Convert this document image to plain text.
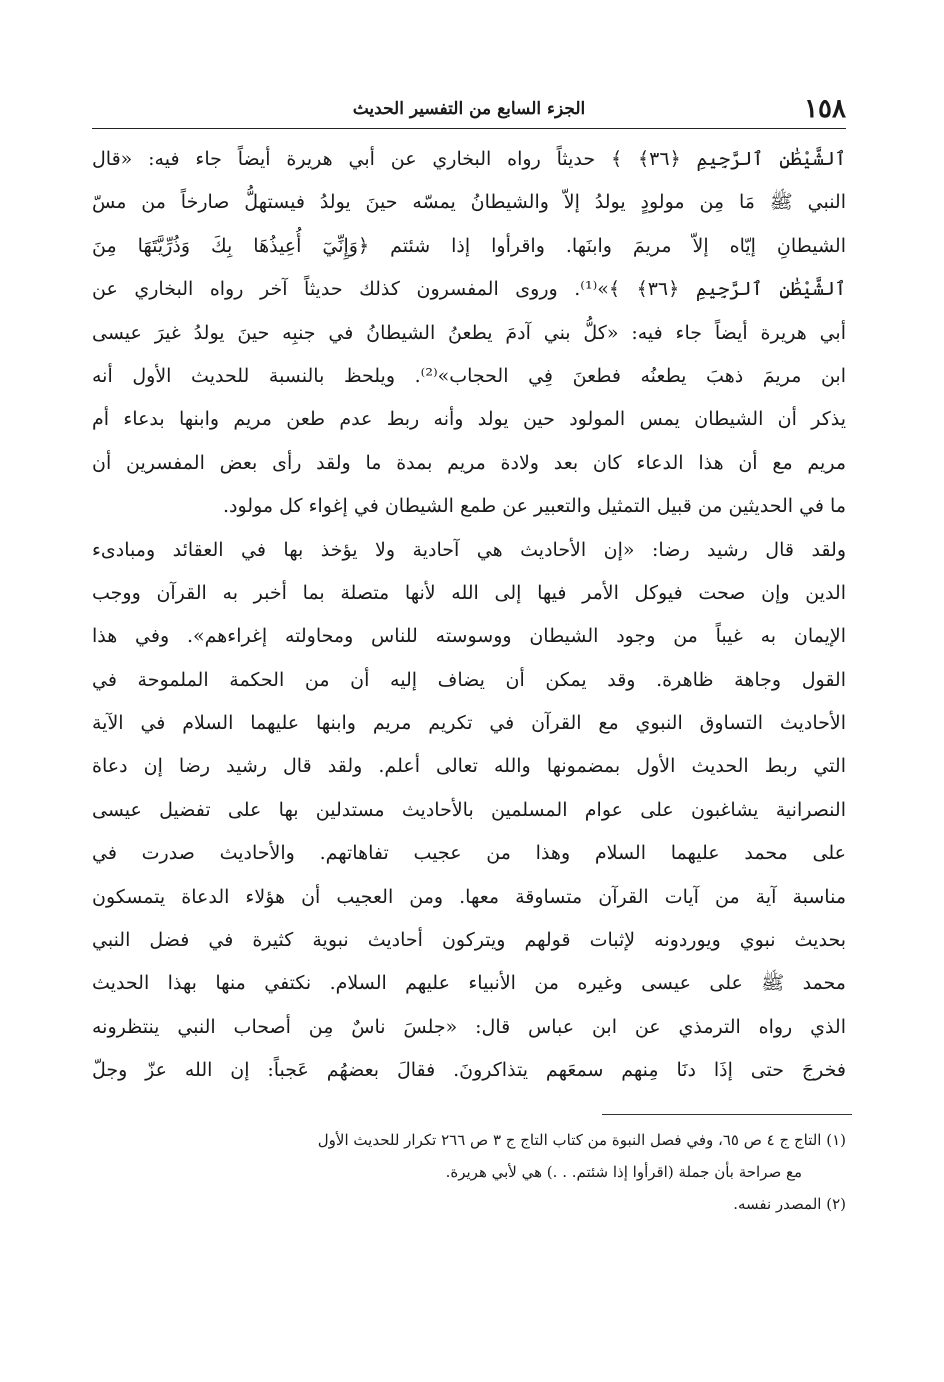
١٥٨
الجزء السابع من التفسير الحديث
ٱلشَّيْطَٰنِ ٱلرَّجِيمِ ﴿٣٦﴾ ﴾ حديثاً رواه البخاري عن أبي هريرة أيضاً جاء فيه: «قال
النبي ﷺ مَا مِن مولودٍ يولدُ إلاّ والشيطانُ يمسّه حينَ يولدُ فيستهلُّ صارخاً من مسّ
الشيطانِ إيّاه إلاّ مريمَ وابنَها. واقرأوا إذا شئتم ﴿وَإِنِّيٓ أُعِيذُهَا بِكَ وَذُرِّيَّتَهَا مِنَ
ٱلشَّيْطَٰنِ ٱلرَّجِيمِ ﴿٣٦﴾ ﴾»⁽¹⁾. وروى المفسرون كذلك حديثاً آخر رواه البخاري عن
أبي هريرة أيضاً جاء فيه: «كلُّ بني آدمَ يطعنُ الشيطانُ في جنبِه حينَ يولدُ غيرَ عيسى
ابن مريمَ ذهبَ يطعنُه فطعنَ فِي الحجاب»⁽²⁾. ويلحظ بالنسبة للحديث الأول أنه
يذكر أن الشيطان يمس المولود حين يولد وأنه ربط عدم طعن مريم وابنها بدعاء أم
مريم مع أن هذا الدعاء كان بعد ولادة مريم بمدة ما ولقد رأى بعض المفسرين أن
ما في الحديثين من قبيل التمثيل والتعبير عن طمع الشيطان في إغواء كل مولود.
ولقد قال رشيد رضا: «إن الأحاديث هي آحادية ولا يؤخذ بها في العقائد ومبادىء
الدين وإن صحت فيوكل الأمر فيها إلى الله لأنها متصلة بما أخبر به القرآن ووجب
الإيمان به غيباً من وجود الشيطان ووسوسته للناس ومحاولته إغراءهم». وفي هذا
القول وجاهة ظاهرة. وقد يمكن أن يضاف إليه أن من الحكمة الملموحة في
الأحاديث التساوق النبوي مع القرآن في تكريم مريم وابنها عليهما السلام في الآية
التي ربط الحديث الأول بمضمونها والله تعالى أعلم. ولقد قال رشيد رضا إن دعاة
النصرانية يشاغبون على عوام المسلمين بالأحاديث مستدلين بها على تفضيل عيسى
على محمد عليهما السلام وهذا من عجيب تفاهاتهم. والأحاديث صدرت في
مناسبة آية من آيات القرآن متساوقة معها. ومن العجيب أن هؤلاء الدعاة يتمسكون
بحديث نبوي ويوردونه لإثبات قولهم ويتركون أحاديث نبوية كثيرة في فضل النبي
محمد ﷺ على عيسى وغيره من الأنبياء عليهم السلام. نكتفي منها بهذا الحديث
الذي رواه الترمذي عن ابن عباس قال: «جلسَ ناسٌ مِن أصحاب النبي ينتظرونه
فخرجَ حتى إذَا دنَا مِنهم سمعَهم يتذاكرونَ. فقالَ بعضهُم عَجباً: إن الله عزّ وجلّ
(١) التاج ج ٤ ص ٦٥، وفي فصل النبوة من كتاب التاج ج ٣ ص ٢٦٦ تكرار للحديث الأول
مع صراحة بأن جملة (اقرأوا إذا شئتم. . .) هي لأبي هريرة.
(٢) المصدر نفسه.
